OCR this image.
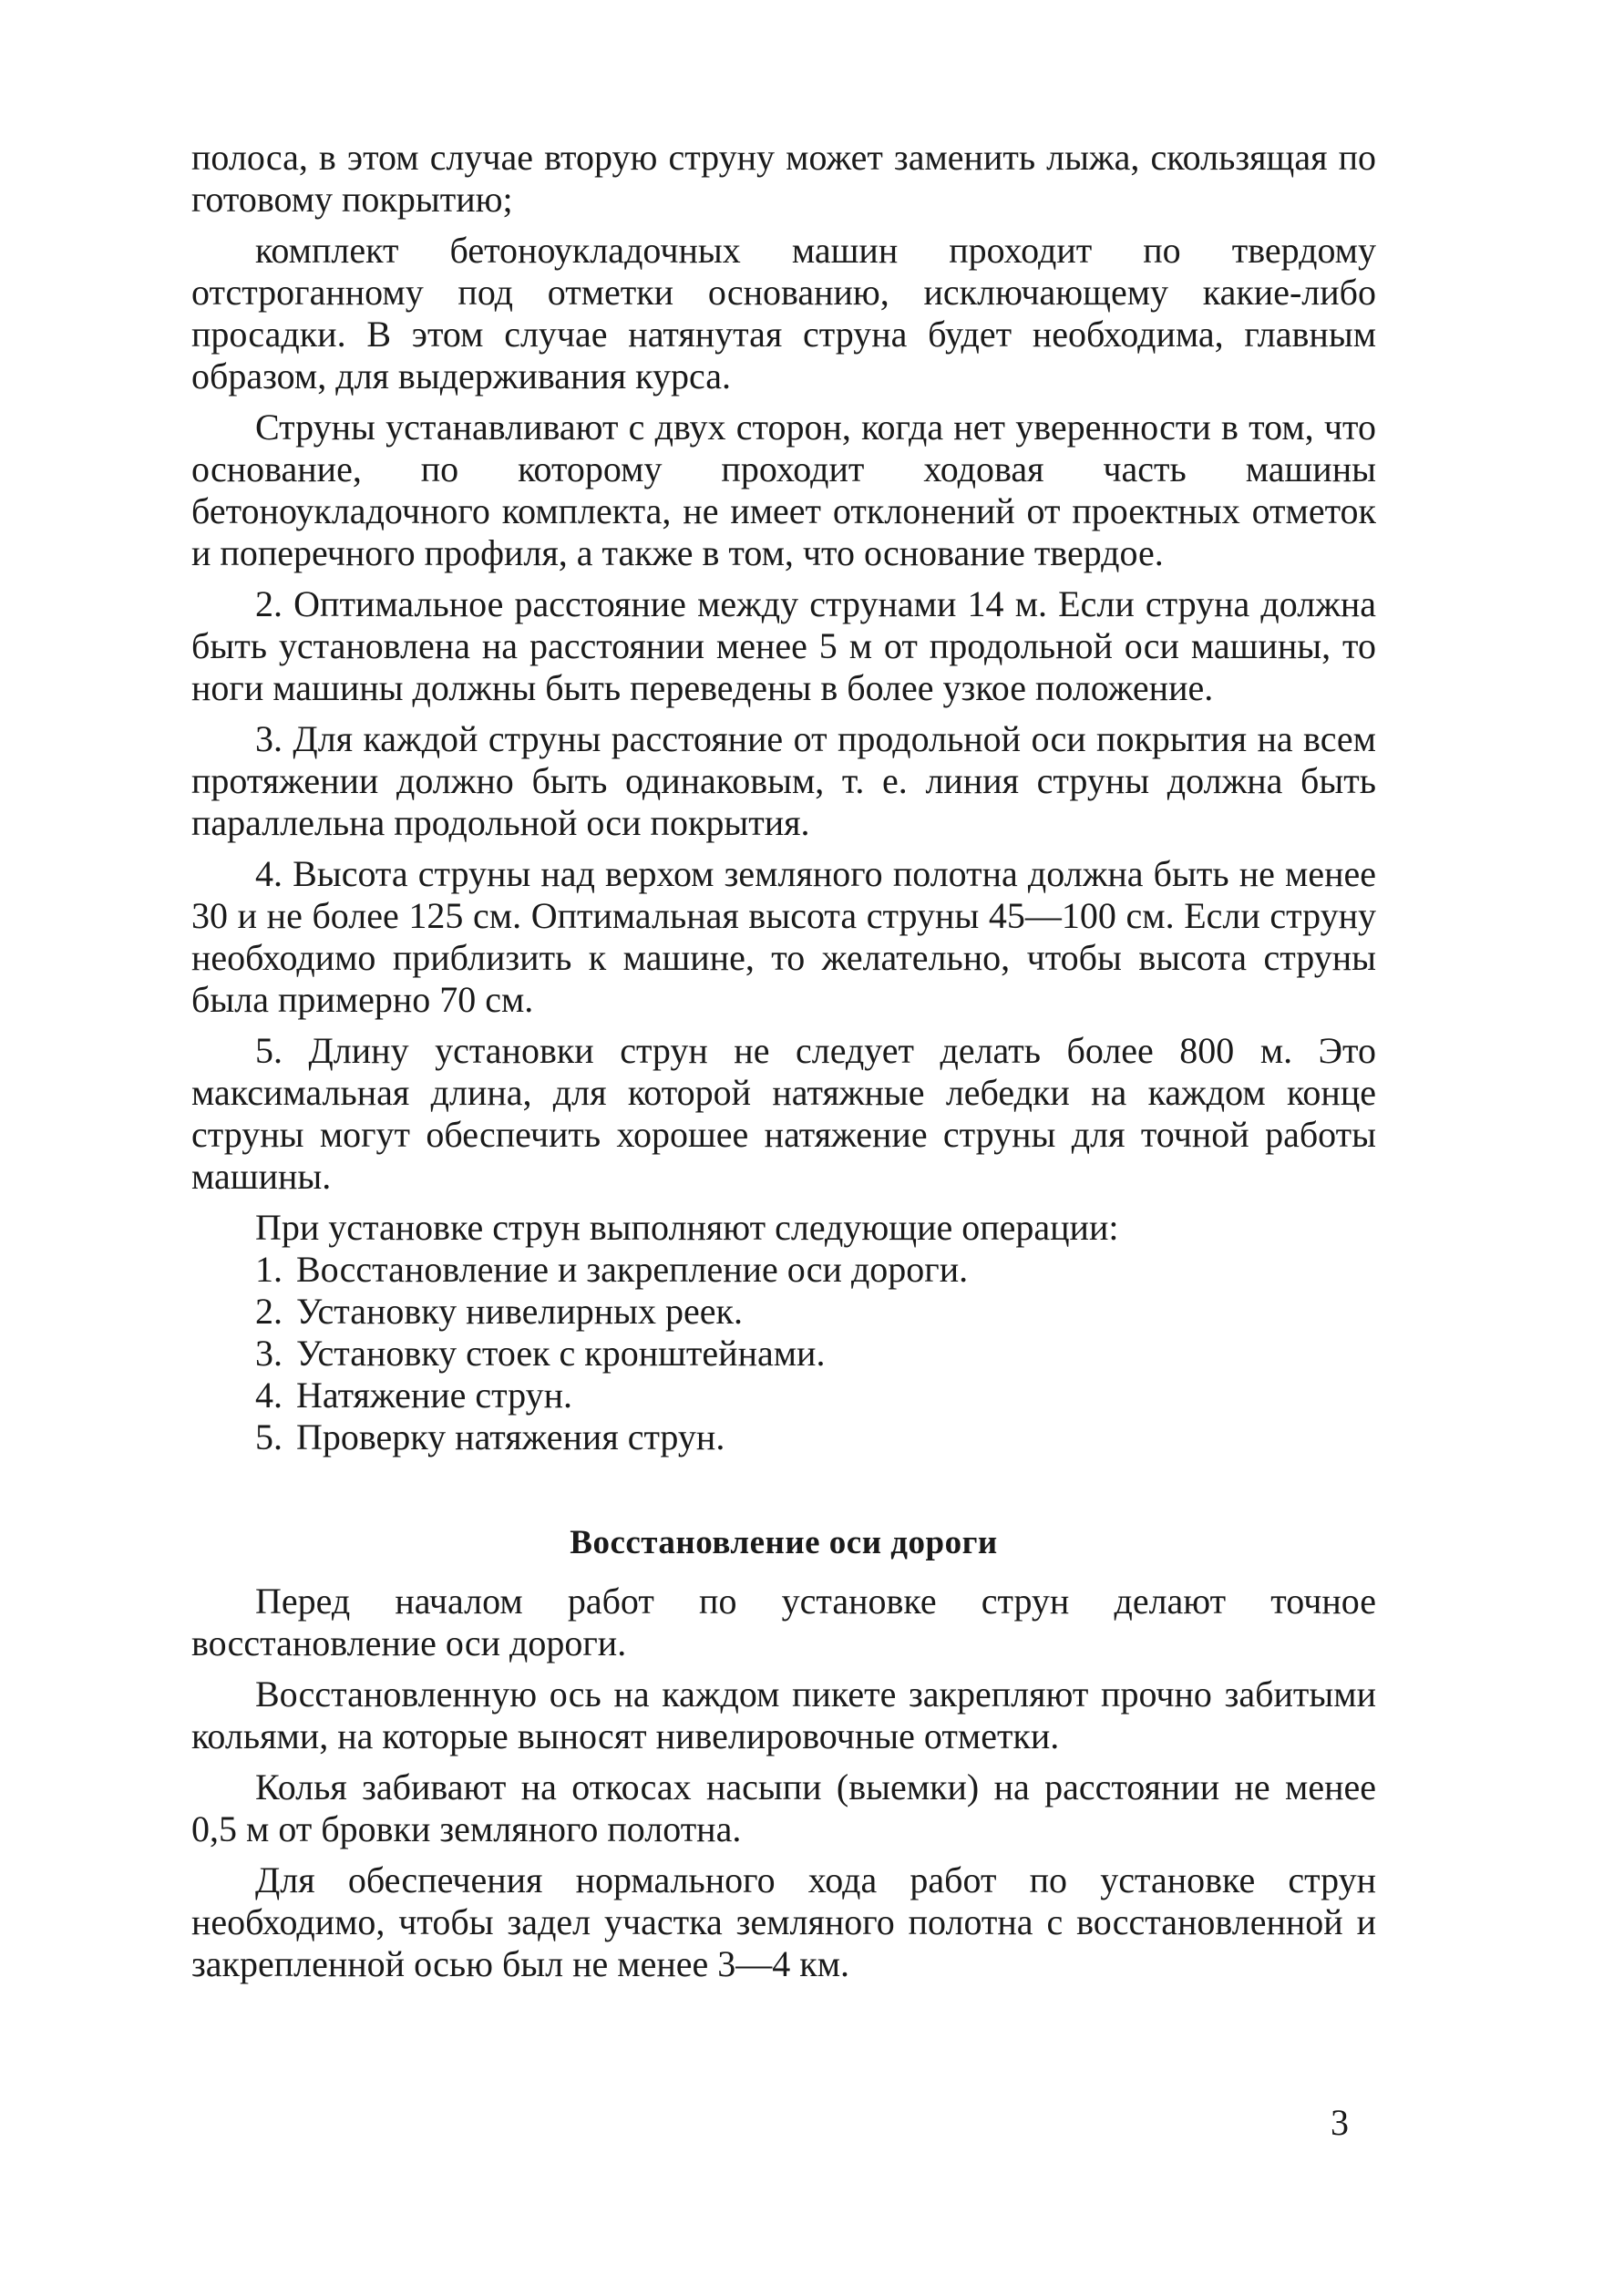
полоса, в этом случае вторую струну может заменить лыжа, скользящая по готовому покрытию;

комплект бетоноукладочных машин проходит по твердому отстроганному под отметки основанию, исключающему какие-либо просадки. В этом случае натянутая струна будет необходима, главным образом, для выдерживания курса.

Струны устанавливают с двух сторон, когда нет уверенности в том, что основание, по которому проходит ходовая часть машины бетоноукладочного комплекта, не имеет отклонений от проектных отметок и поперечного профиля, а также в том, что основание твердое.

2. Оптимальное расстояние между струнами 14 м. Если струна должна быть установлена на расстоянии менее 5 м от продольной оси машины, то ноги машины должны быть переведены в более узкое положение.

3. Для каждой струны расстояние от продольной оси покрытия на всем протяжении должно быть одинаковым, т. е. линия струны должна быть параллельна продольной оси покрытия.

4. Высота струны над верхом земляного полотна должна быть не менее 30 и не более 125 см. Оптимальная высота струны 45—100 см. Если струну необходимо приблизить к машине, то желательно, чтобы высота струны была примерно 70 см.

5. Длину установки струн не следует делать более 800 м. Это максимальная длина, для которой натяжные лебедки на каждом конце струны могут обеспечить хорошее натяжение струны для точной работы машины.

При установке струн выполняют следующие операции:

1. Восстановление и закрепление оси дороги.

2. Установку нивелирных реек.

3. Установку стоек с кронштейнами.

4. Натяжение струн.

5. Проверку натяжения струн.

Восстановление оси дороги

Перед началом работ по установке струн делают точное восстановление оси дороги.

Восстановленную ось на каждом пикете закрепляют прочно забитыми кольями, на которые выносят нивелировочные отметки.

Колья забивают на откосах насыпи (выемки) на расстоянии не менее 0,5 м от бровки земляного полотна.

Для обеспечения нормального хода работ по установке струн необходимо, чтобы задел участка земляного полотна с восстановленной и закрепленной осью был не менее 3—4 км.

3
